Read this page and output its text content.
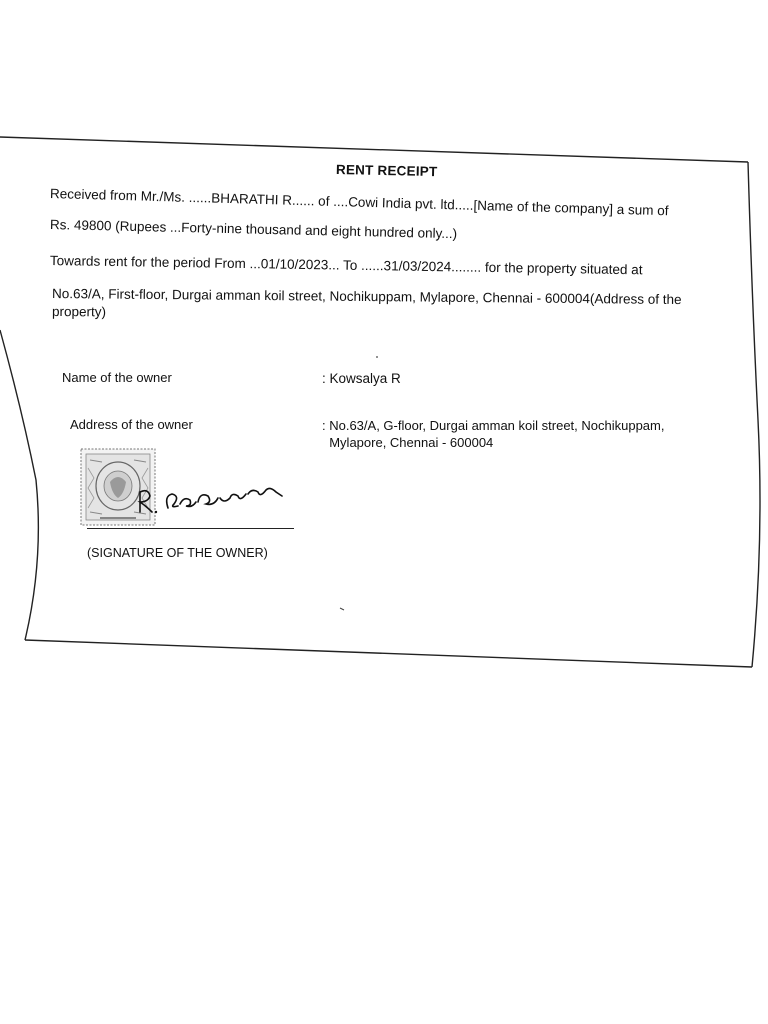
RENT RECEIPT
Received from Mr./Ms. ......BHARATHI R...... of ....Cowi India pvt. ltd.....[Name of the company] a sum of
Rs. 49800 (Rupees ...Forty-nine thousand and eight hundred only...)
Towards rent for the period From ...01/10/2023... To ......31/03/2024........ for the property situated at
No.63/A, First-floor, Durgai amman koil street, Nochikuppam, Mylapore, Chennai - 600004(Address of the
property)
Name of the owner	: Kowsalya R
Address of the owner	: No.63/A, G-floor, Durgai amman koil street, Nochikuppam,
Mylapore, Chennai - 600004
(SIGNATURE OF THE OWNER)
